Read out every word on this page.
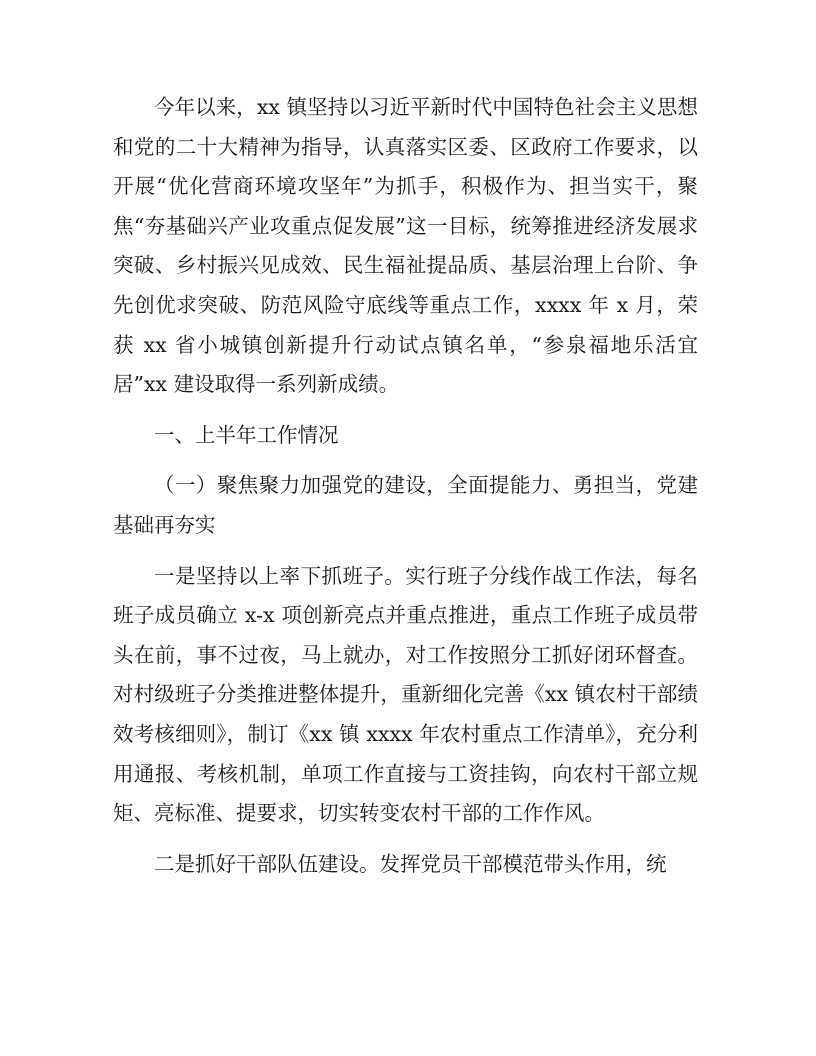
今年以来，xx 镇坚持以习近平新时代中国特色社会主义思想和党的二十大精神为指导，认真落实区委、区政府工作要求，以开展“优化营商环境攻坚年”为抓手，积极作为、担当实干，聚焦“夯基础兴产业攻重点促发展”这一目标，统筹推进经济发展求突破、乡村振兴见成效、民生福祉提品质、基层治理上台阶、争先创优求突破、防范风险守底线等重点工作，xxxx 年 x 月，荣获 xx 省小城镇创新提升行动试点镇名单，“参泉福地乐活宜居”xx 建设取得一系列新成绩。

一、上半年工作情况

（一）聚焦聚力加强党的建设，全面提能力、勇担当，党建基础再夯实

一是坚持以上率下抓班子。实行班子分线作战工作法，每名班子成员确立 x-x 项创新亮点并重点推进，重点工作班子成员带头在前，事不过夜，马上就办，对工作按照分工抓好闭环督查。对村级班子分类推进整体提升，重新细化完善《xx 镇农村干部绩效考核细则》，制订《xx 镇 xxxx 年农村重点工作清单》，充分利用通报、考核机制，单项工作直接与工资挂钩，向农村干部立规矩、亮标准、提要求，切实转变农村干部的工作作风。

二是抓好干部队伍建设。发挥党员干部模范带头作用，统
